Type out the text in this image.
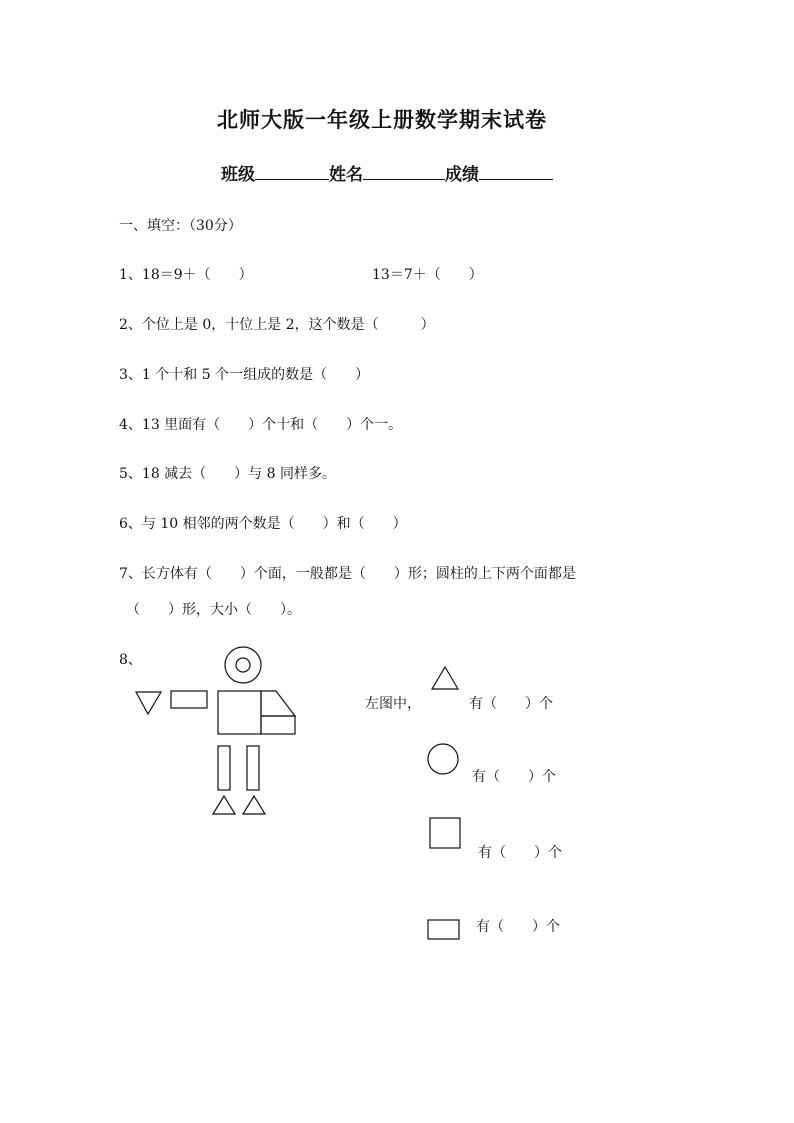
北师大版一年级上册数学期末试卷
班级	姓名	成绩
一、填空：（30分）
1、18＝9＋（　　）	13＝7＋（　　）
2、个位上是 0，十位上是 2，这个数是（　　　）
3、1 个十和 5 个一组成的数是（　　）
4、13 里面有（　　）个十和（　　）个一。
5、18 减去（　　）与 8 同样多。
6、与 10 相邻的两个数是（　　）和（　　）
7、长方体有（　　）个面，一般都是（　　）形；圆柱的上下两个面都是
（　　）形，大小（　　）。
8、
左图中，	有（　　）个
有（　　）个
有（　　）个
有（　　）个
